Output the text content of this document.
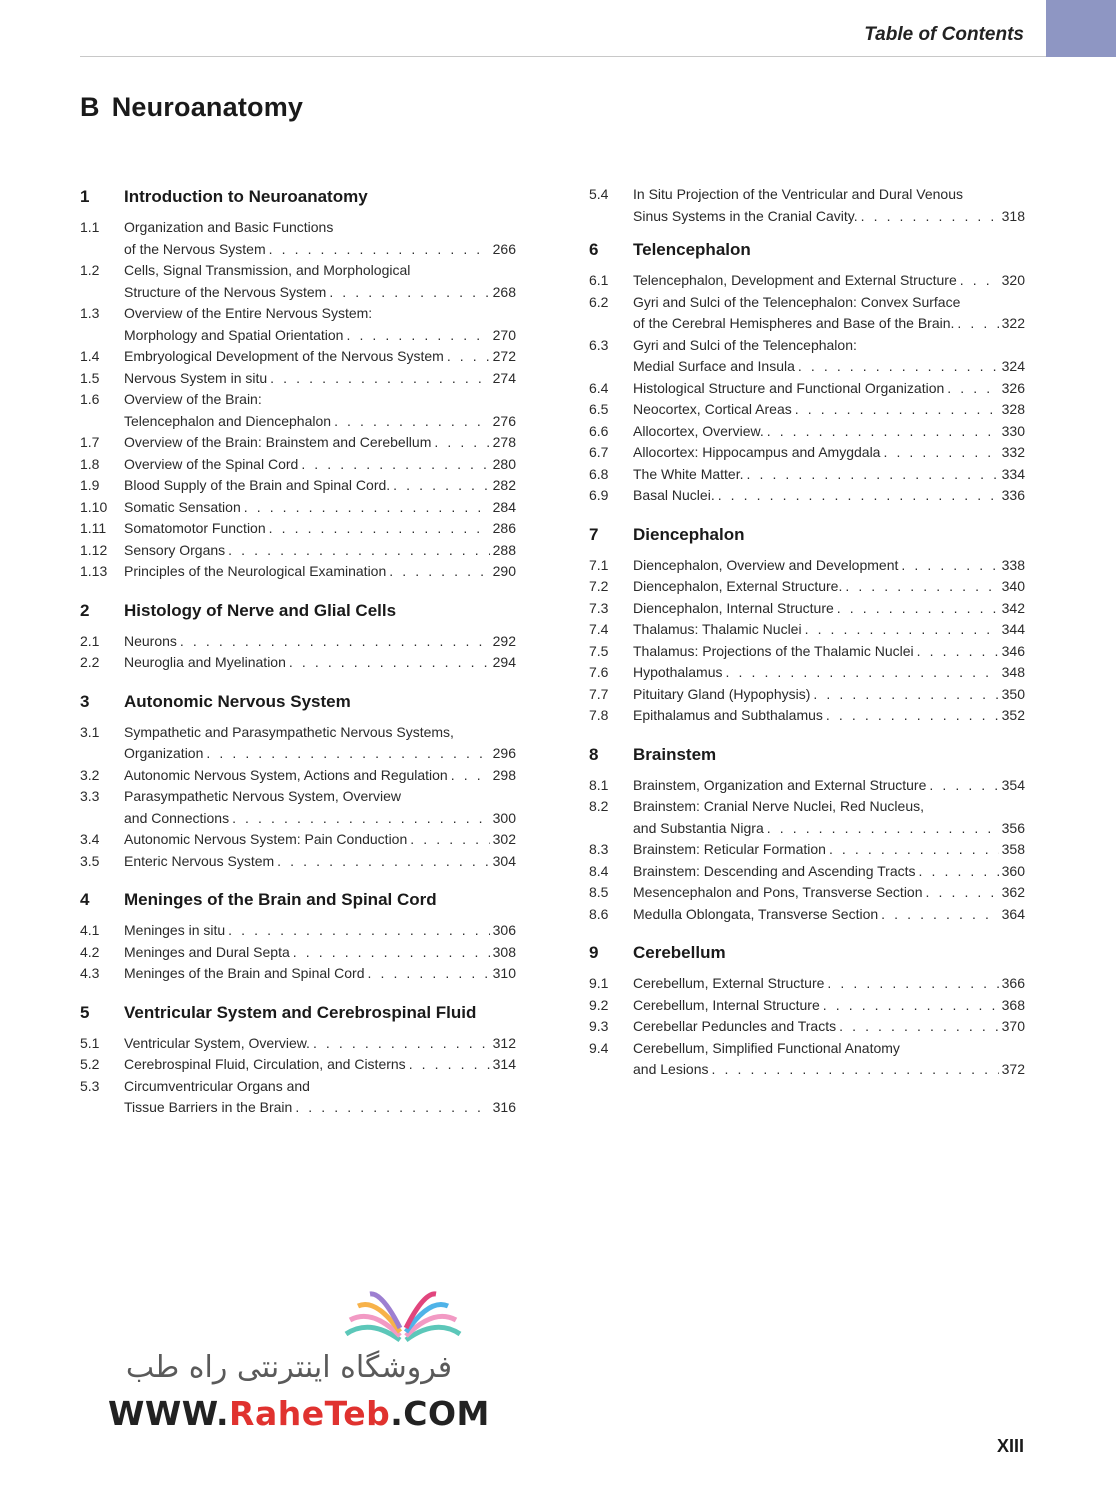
Table of Contents
B Neuroanatomy
1	Introduction to Neuroanatomy
1.1	Organization and Basic Functions
of the Nervous System . . .	266
1.2	Cells, Signal Transmission, and Morphological
Structure of the Nervous System . . .	268
1.3	Overview of the Entire Nervous System:
Morphology and Spatial Orientation . . .	270
1.4	Embryological Development of the Nervous System . . .	272
1.5	Nervous System in situ . . .	274
1.6	Overview of the Brain:
Telencephalon and Diencephalon . . .	276
1.7	Overview of the Brain: Brainstem and Cerebellum . . .	278
1.8	Overview of the Spinal Cord . . .	280
1.9	Blood Supply of the Brain and Spinal Cord. . . .	282
1.10	Somatic Sensation . . .	284
1.11	Somatomotor Function . . .	286
1.12	Sensory Organs . . .	288
1.13	Principles of the Neurological Examination . . .	290
2	Histology of Nerve and Glial Cells
2.1	Neurons . . .	292
2.2	Neuroglia and Myelination . . .	294
3	Autonomic Nervous System
3.1	Sympathetic and Parasympathetic Nervous Systems,
Organization . . .	296
3.2	Autonomic Nervous System, Actions and Regulation . . .	298
3.3	Parasympathetic Nervous System, Overview
and Connections . . .	300
3.4	Autonomic Nervous System: Pain Conduction . . .	302
3.5	Enteric Nervous System . . .	304
4	Meninges of the Brain and Spinal Cord
4.1	Meninges in situ . . .	306
4.2	Meninges and Dural Septa . . .	308
4.3	Meninges of the Brain and Spinal Cord . . .	310
5	Ventricular System and Cerebrospinal Fluid
5.1	Ventricular System, Overview. . . .	312
5.2	Cerebrospinal Fluid, Circulation, and Cisterns . . .	314
5.3	Circumventricular Organs and
Tissue Barriers in the Brain . . .	316
5.4	In Situ Projection of the Ventricular and Dural Venous
Sinus Systems in the Cranial Cavity. . . .	318
6	Telencephalon
6.1	Telencephalon, Development and External Structure . . .	320
6.2	Gyri and Sulci of the Telencephalon: Convex Surface
of the Cerebral Hemispheres and Base of the Brain. . . .	322
6.3	Gyri and Sulci of the Telencephalon:
Medial Surface and Insula . . .	324
6.4	Histological Structure and Functional Organization . . .	326
6.5	Neocortex, Cortical Areas . . .	328
6.6	Allocortex, Overview. . . .	330
6.7	Allocortex: Hippocampus and Amygdala . . .	332
6.8	The White Matter. . . .	334
6.9	Basal Nuclei. . . .	336
7	Diencephalon
7.1	Diencephalon, Overview and Development . . .	338
7.2	Diencephalon, External Structure. . . .	340
7.3	Diencephalon, Internal Structure . . .	342
7.4	Thalamus: Thalamic Nuclei . . .	344
7.5	Thalamus: Projections of the Thalamic Nuclei . . .	346
7.6	Hypothalamus . . .	348
7.7	Pituitary Gland (Hypophysis) . . .	350
7.8	Epithalamus and Subthalamus . . .	352
8	Brainstem
8.1	Brainstem, Organization and External Structure . . .	354
8.2	Brainstem: Cranial Nerve Nuclei, Red Nucleus,
and Substantia Nigra . . .	356
8.3	Brainstem: Reticular Formation . . .	358
8.4	Brainstem: Descending and Ascending Tracts . . .	360
8.5	Mesencephalon and Pons, Transverse Section . . .	362
8.6	Medulla Oblongata, Transverse Section . . .	364
9	Cerebellum
9.1	Cerebellum, External Structure . . .	366
9.2	Cerebellum, Internal Structure . . .	368
9.3	Cerebellar Peduncles and Tracts . . .	370
9.4	Cerebellum, Simplified Functional Anatomy
and Lesions . . .	372
فروشگاه اینترنتی راه طب
WWW.RaheTeb.COM
XIII
